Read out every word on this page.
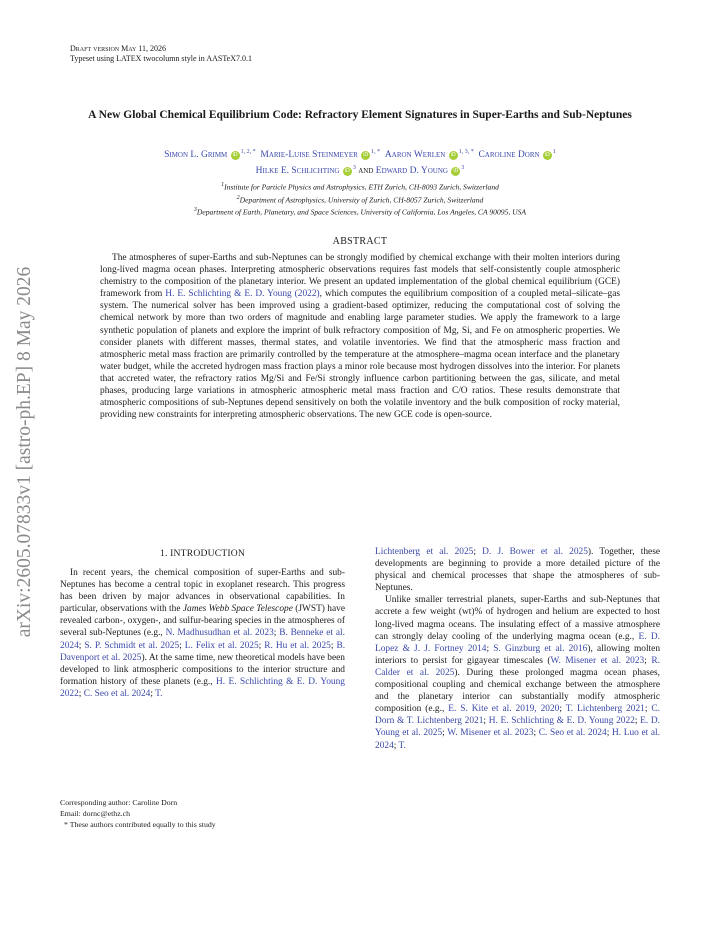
Draft version May 11, 2026
Typeset using LATEX twocolumn style in AASTeX7.0.1
arXiv:2605.07833v1 [astro-ph.EP] 8 May 2026
A New Global Chemical Equilibrium Code: Refractory Element Signatures in Super-Earths and Sub-Neptunes
Simon L. Grimm $iD^{1, 2, *}$ Marie-Luise Steinmeyer $iD^{1, *}$ Aaron Werlen $iD^{1, 3, *}$ Caroline Dorn $iD^1$
Hilke E. Schlichting $iD^3$ and Edward D. Young $iD^3$
$^1$Institute for Particle Physics and Astrophysics, ETH Zurich, CH-8093 Zurich, Switzerland
$^2$Department of Astrophysics, University of Zurich, CH-8057 Zurich, Switzerland
$^3$Department of Earth, Planetary, and Space Sciences, University of California, Los Angeles, CA 90095, USA
ABSTRACT

The atmospheres of super-Earths and sub-Neptunes can be strongly modified by chemical exchange with their molten interiors during long-lived magma ocean phases. Interpreting atmospheric observations requires fast models that self-consistently couple atmospheric chemistry to the composition of the planetary interior. We present an updated implementation of the global chemical equilibrium (GCE) framework from H. E. Schlichting & E. D. Young (2022), which computes the equilibrium composition of a coupled metal–silicate–gas system. The numerical solver has been improved using a gradient-based optimizer, reducing the computational cost of solving the chemical network by more than two orders of magnitude and enabling large parameter studies. We apply the framework to a large synthetic population of planets and explore the imprint of bulk refractory composition of Mg, Si, and Fe on atmospheric properties. We consider planets with different masses, thermal states, and volatile inventories. We find that the atmospheric mass fraction and atmospheric metal mass fraction are primarily controlled by the temperature at the atmosphere–magma ocean interface and the planetary water budget, while the accreted hydrogen mass fraction plays a minor role because most hydrogen dissolves into the interior. For planets that accreted water, the refractory ratios Mg/Si and Fe/Si strongly influence carbon partitioning between the gas, silicate, and metal phases, producing large variations in atmospheric atmospheric metal mass fraction and C/O ratios. These results demonstrate that atmospheric compositions of sub-Neptunes depend sensitively on both the volatile inventory and the bulk composition of rocky material, providing new constraints for interpreting atmospheric observations. The new GCE code is open-source.

1. INTRODUCTION

In recent years, the chemical composition of super-Earths and sub-Neptunes has become a central topic in exoplanet research. This progress has been driven by major advances in observational capabilities. In particular, observations with the James Webb Space Telescope (JWST) have revealed carbon-, oxygen-, and sulfur-bearing species in the atmospheres of several sub-Neptunes (e.g., N. Madhusudhan et al. 2023; B. Benneke et al. 2024; S. P. Schmidt et al. 2025; L. Felix et al. 2025; R. Hu et al. 2025; B. Davenport et al. 2025). At the same time, new theoretical models have been developed to link atmospheric compositions to the interior structure and formation history of these planets (e.g., H. E. Schlichting & E. D. Young 2022; C. Seo et al. 2024; T.

Corresponding author: Caroline Dorn
Email: dornc@ethz.ch
* These authors contributed equally to this study

Lichtenberg et al. 2025; D. J. Bower et al. 2025). Together, these developments are beginning to provide a more detailed picture of the physical and chemical processes that shape the atmospheres of sub-Neptunes.

Unlike smaller terrestrial planets, super-Earths and sub-Neptunes that accrete a few weight (wt)% of hydrogen and helium are expected to host long-lived magma oceans. The insulating effect of a massive atmosphere can strongly delay cooling of the underlying magma ocean (e.g., E. D. Lopez & J. J. Fortney 2014; S. Ginzburg et al. 2016), allowing molten interiors to persist for gigayear timescales (W. Misener et al. 2023; R. Calder et al. 2025). During these prolonged magma ocean phases, compositional coupling and chemical exchange between the atmosphere and the planetary interior can substantially modify atmospheric composition (e.g., E. S. Kite et al. 2019, 2020; T. Lichtenberg 2021; C. Dorn & T. Lichtenberg 2021; H. E. Schlichting & E. D. Young 2022; E. D. Young et al. 2025; W. Misener et al. 2023; C. Seo et al. 2024; H. Luo et al. 2024; T.
